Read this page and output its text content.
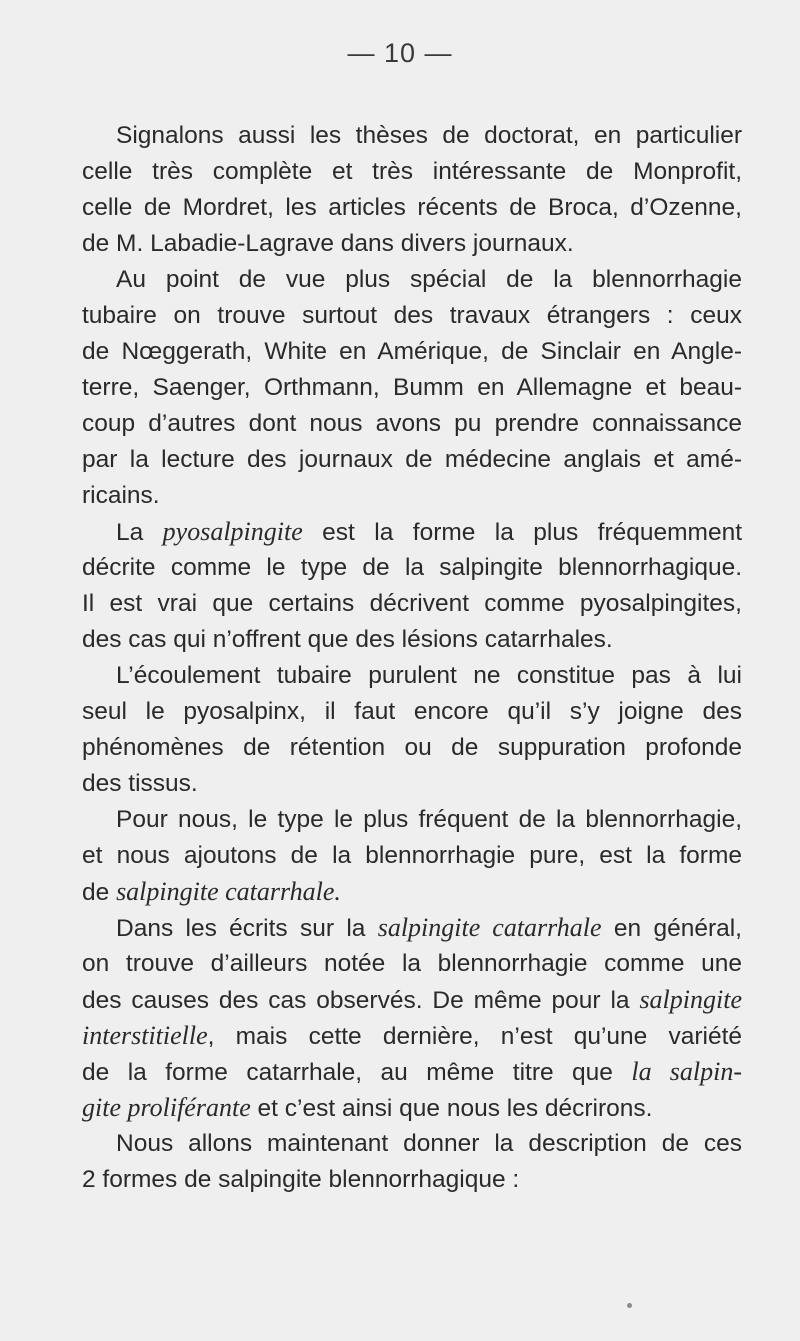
— 10 —
Signalons aussi les thèses de doctorat, en particulier
celle très complète et très intéressante de Monprofit,
celle de Mordret, les articles récents de Broca, d’Ozenne,
de M. Labadie-Lagrave dans divers journaux.
Au point de vue plus spécial de la blennorrhagie
tubaire on trouve surtout des travaux étrangers : ceux
de Nœggerath, White en Amérique, de Sinclair en Angle-
terre, Saenger, Orthmann, Bumm en Allemagne et beau-
coup d’autres dont nous avons pu prendre connaissance
par la lecture des journaux de médecine anglais et amé-
ricains.
La pyosalpingite est la forme la plus fréquemment
décrite comme le type de la salpingite blennorrhagique.
Il est vrai que certains décrivent comme pyosalpingites,
des cas qui n’offrent que des lésions catarrhales.
L’écoulement tubaire purulent ne constitue pas à lui
seul le pyosalpinx, il faut encore qu’il s’y joigne des
phénomènes de rétention ou de suppuration profonde
des tissus.
Pour nous, le type le plus fréquent de la blennorrhagie,
et nous ajoutons de la blennorrhagie pure, est la forme
de salpingite catarrhale.
Dans les écrits sur la salpingite catarrhale en général,
on trouve d’ailleurs notée la blennorrhagie comme une
des causes des cas observés. De même pour la salpingite
interstitielle, mais cette dernière, n’est qu’une variété
de la forme catarrhale, au même titre que la salpin-
gite proliférante et c’est ainsi que nous les décrirons.
Nous allons maintenant donner la description de ces
2 formes de salpingite blennorrhagique :
